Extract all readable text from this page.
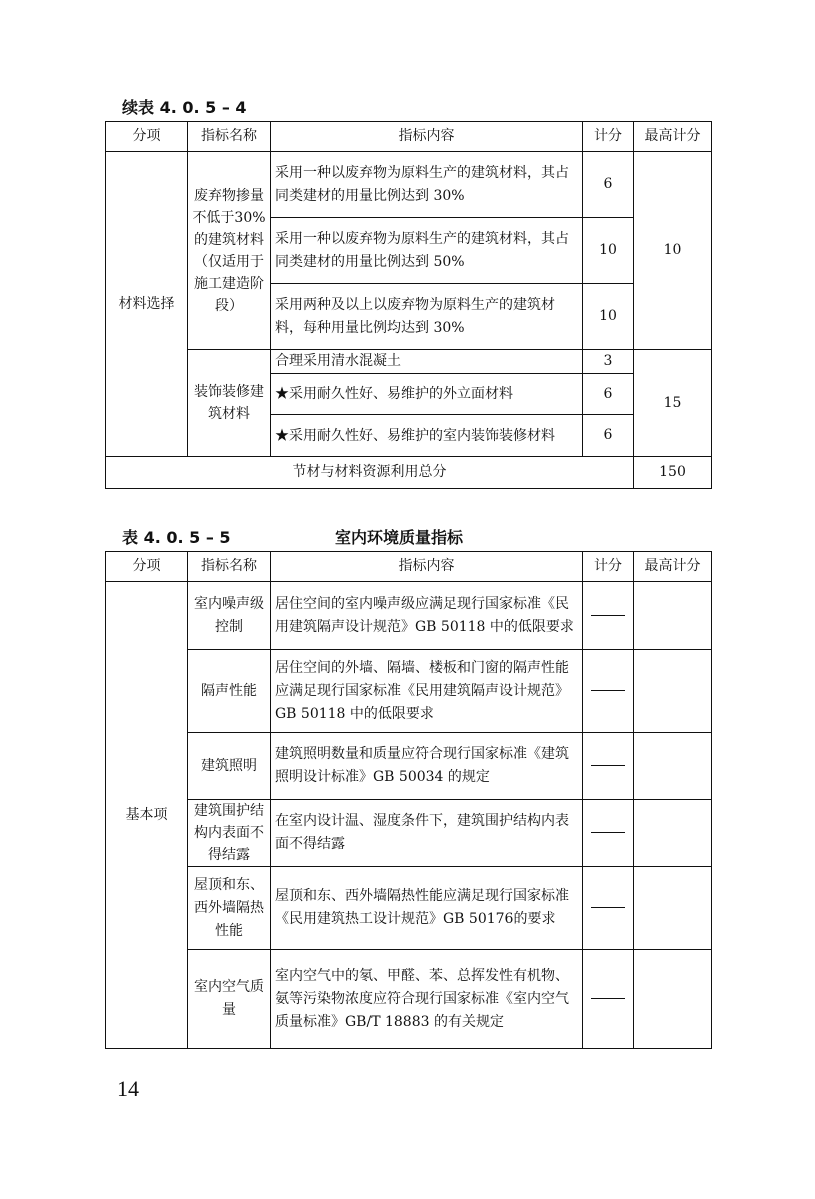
续表 4. 0. 5 – 4
分项	指标名称	指标内容	计分	最高计分
材料选择	废弃物掺量不低于30%的建筑材料（仅适用于施工建造阶段）	采用一种以废弃物为原料生产的建筑材料，其占同类建材的用量比例达到 30%	6	10
		采用一种以废弃物为原料生产的建筑材料，其占同类建材的用量比例达到 50%	10	
		采用两种及以上以废弃物为原料生产的建筑材料，每种用量比例均达到 30%	10	
	装饰装修建筑材料	合理采用清水混凝土	3	15
		★采用耐久性好、易维护的外立面材料	6	
		★采用耐久性好、易维护的室内装饰装修材料	6	
节材与材料资源利用总分				150
表 4. 0. 5 – 5	室内环境质量指标
分项	指标名称	指标内容	计分	最高计分
基本项	室内噪声级控制	居住空间的室内噪声级应满足现行国家标准《民用建筑隔声设计规范》GB 50118 中的低限要求		
	隔声性能	居住空间的外墙、隔墙、楼板和门窗的隔声性能应满足现行国家标准《民用建筑隔声设计规范》GB 50118 中的低限要求		
	建筑照明	建筑照明数量和质量应符合现行国家标准《建筑照明设计标准》GB 50034 的规定		
	建筑围护结构内表面不得结露	在室内设计温、湿度条件下，建筑围护结构内表面不得结露		
	屋顶和东、西外墙隔热性能	屋顶和东、西外墙隔热性能应满足现行国家标准《民用建筑热工设计规范》GB 50176的要求		
	室内空气质量	室内空气中的氡、甲醛、苯、总挥发性有机物、氨等污染物浓度应符合现行国家标准《室内空气质量标准》GB/T 18883 的有关规定		
14
